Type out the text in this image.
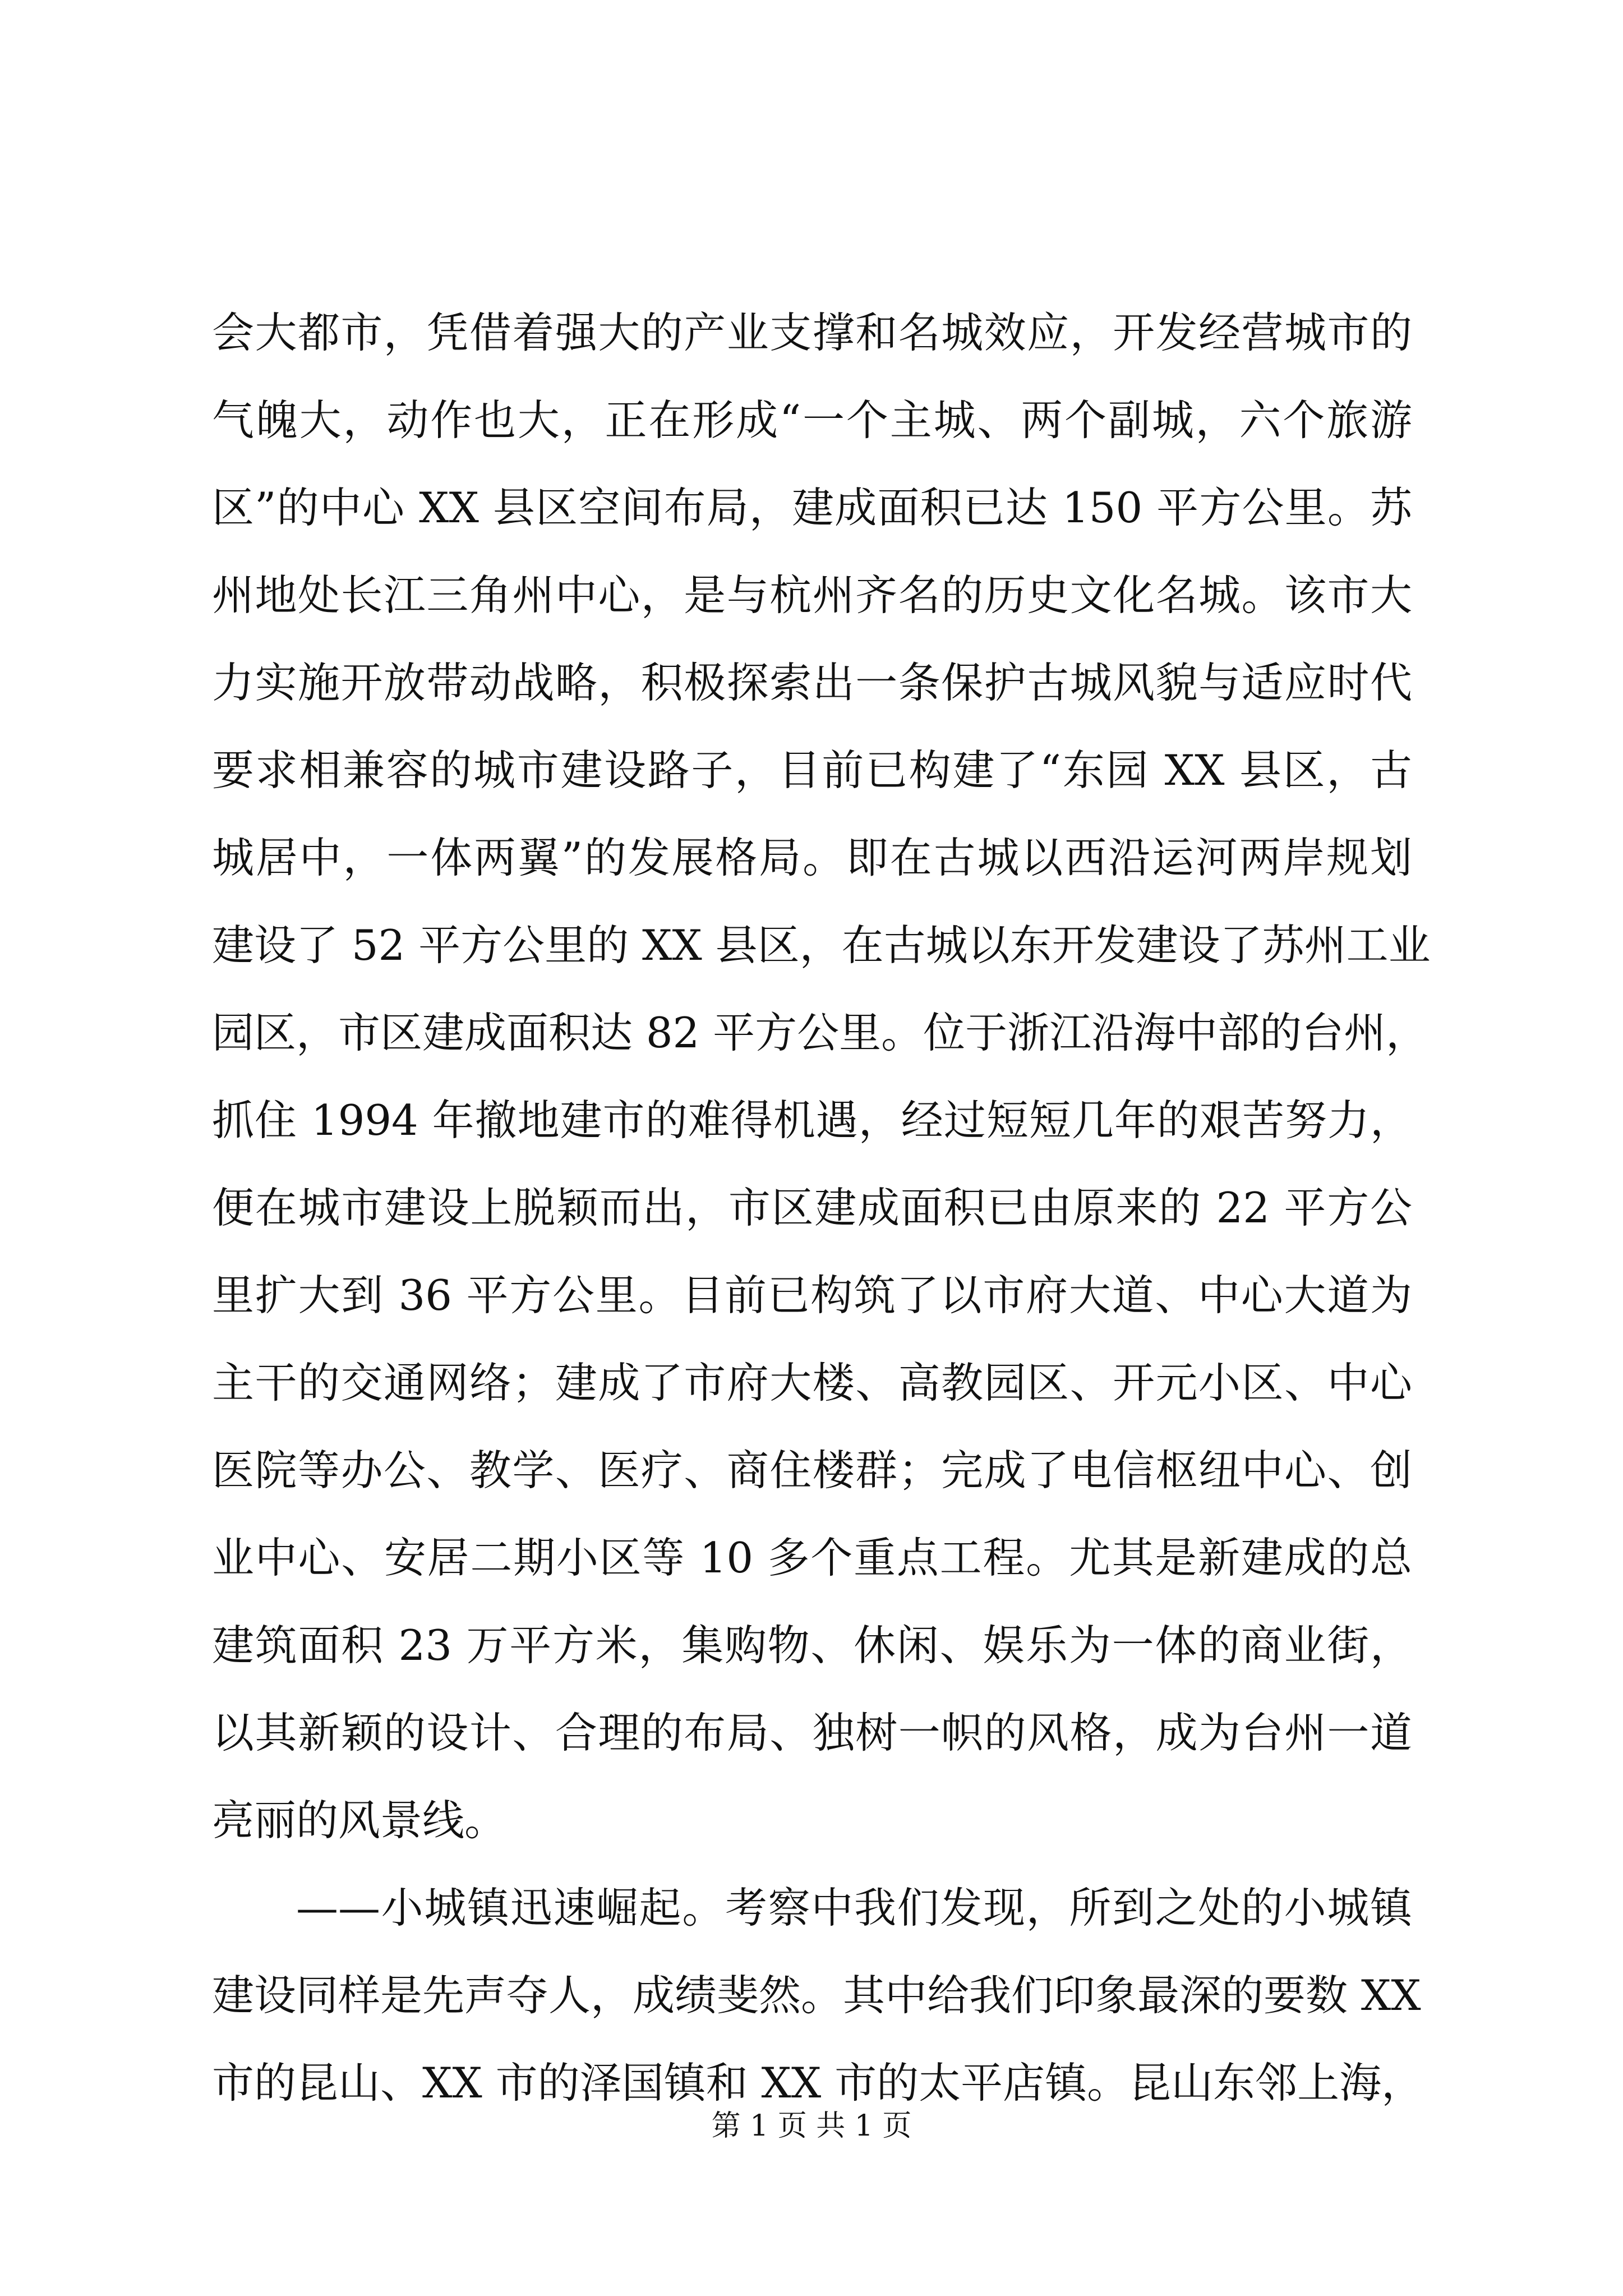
会大都市，凭借着强大的产业支撑和名城效应，开发经营城市的
气魄大，动作也大，正在形成“一个主城、两个副城，六个旅游
区”的中心 XX 县区空间布局，建成面积已达 150 平方公里。苏
州地处长江三角州中心，是与杭州齐名的历史文化名城。该市大
力实施开放带动战略，积极探索出一条保护古城风貌与适应时代
要求相兼容的城市建设路子，目前已构建了“东园 XX 县区，古
城居中，一体两翼”的发展格局。即在古城以西沿运河两岸规划
建设了 52 平方公里的 XX 县区，在古城以东开发建设了苏州工业
园区，市区建成面积达 82 平方公里。位于浙江沿海中部的台州，
抓住 1994 年撤地建市的难得机遇，经过短短几年的艰苦努力，
便在城市建设上脱颖而出，市区建成面积已由原来的 22 平方公
里扩大到 36 平方公里。目前已构筑了以市府大道、中心大道为
主干的交通网络；建成了市府大楼、高教园区、开元小区、中心
医院等办公、教学、医疗、商住楼群；完成了电信枢纽中心、创
业中心、安居二期小区等 10 多个重点工程。尤其是新建成的总
建筑面积 23 万平方米，集购物、休闲、娱乐为一体的商业街，
以其新颖的设计、合理的布局、独树一帜的风格，成为台州一道
亮丽的风景线。
——小城镇迅速崛起。考察中我们发现，所到之处的小城镇
建设同样是先声夺人，成绩斐然。其中给我们印象最深的要数 XX
市的昆山、XX 市的泽国镇和 XX 市的太平店镇。昆山东邻上海，
第 1 页 共 1 页
